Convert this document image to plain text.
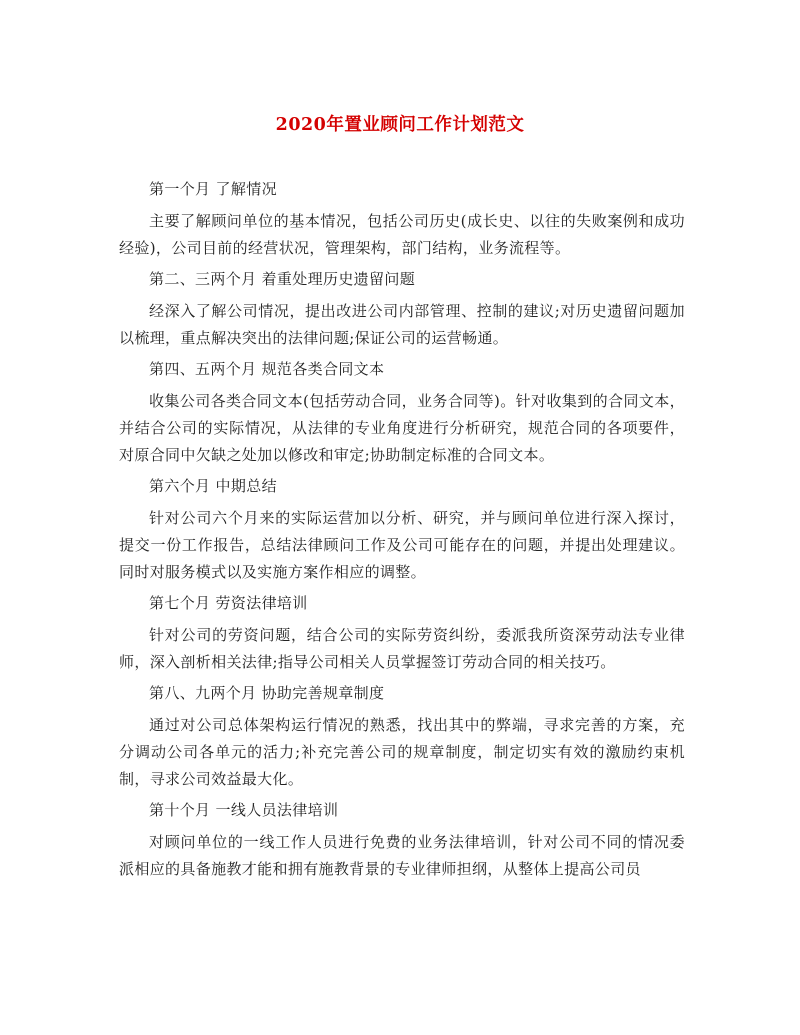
2020年置业顾问工作计划范文
第一个月 了解情况
主要了解顾问单位的基本情况，包括公司历史(成长史、以往的失败案例和成功经验)，公司目前的经营状况，管理架构，部门结构，业务流程等。
第二、三两个月 着重处理历史遗留问题
经深入了解公司情况，提出改进公司内部管理、控制的建议;对历史遗留问题加以梳理，重点解决突出的法律问题;保证公司的运营畅通。
第四、五两个月 规范各类合同文本
收集公司各类合同文本(包括劳动合同，业务合同等)。针对收集到的合同文本，并结合公司的实际情况，从法律的专业角度进行分析研究，规范合同的各项要件，对原合同中欠缺之处加以修改和审定;协助制定标准的合同文本。
第六个月 中期总结
针对公司六个月来的实际运营加以分析、研究，并与顾问单位进行深入探讨，提交一份工作报告，总结法律顾问工作及公司可能存在的问题，并提出处理建议。同时对服务模式以及实施方案作相应的调整。
第七个月 劳资法律培训
针对公司的劳资问题，结合公司的实际劳资纠纷，委派我所资深劳动法专业律师，深入剖析相关法律;指导公司相关人员掌握签订劳动合同的相关技巧。
第八、九两个月 协助完善规章制度
通过对公司总体架构运行情况的熟悉，找出其中的弊端，寻求完善的方案，充分调动公司各单元的活力;补充完善公司的规章制度，制定切实有效的激励约束机制，寻求公司效益最大化。
第十个月 一线人员法律培训
对顾问单位的一线工作人员进行免费的业务法律培训，针对公司不同的情况委派相应的具备施教才能和拥有施教背景的专业律师担纲，从整体上提高公司员
